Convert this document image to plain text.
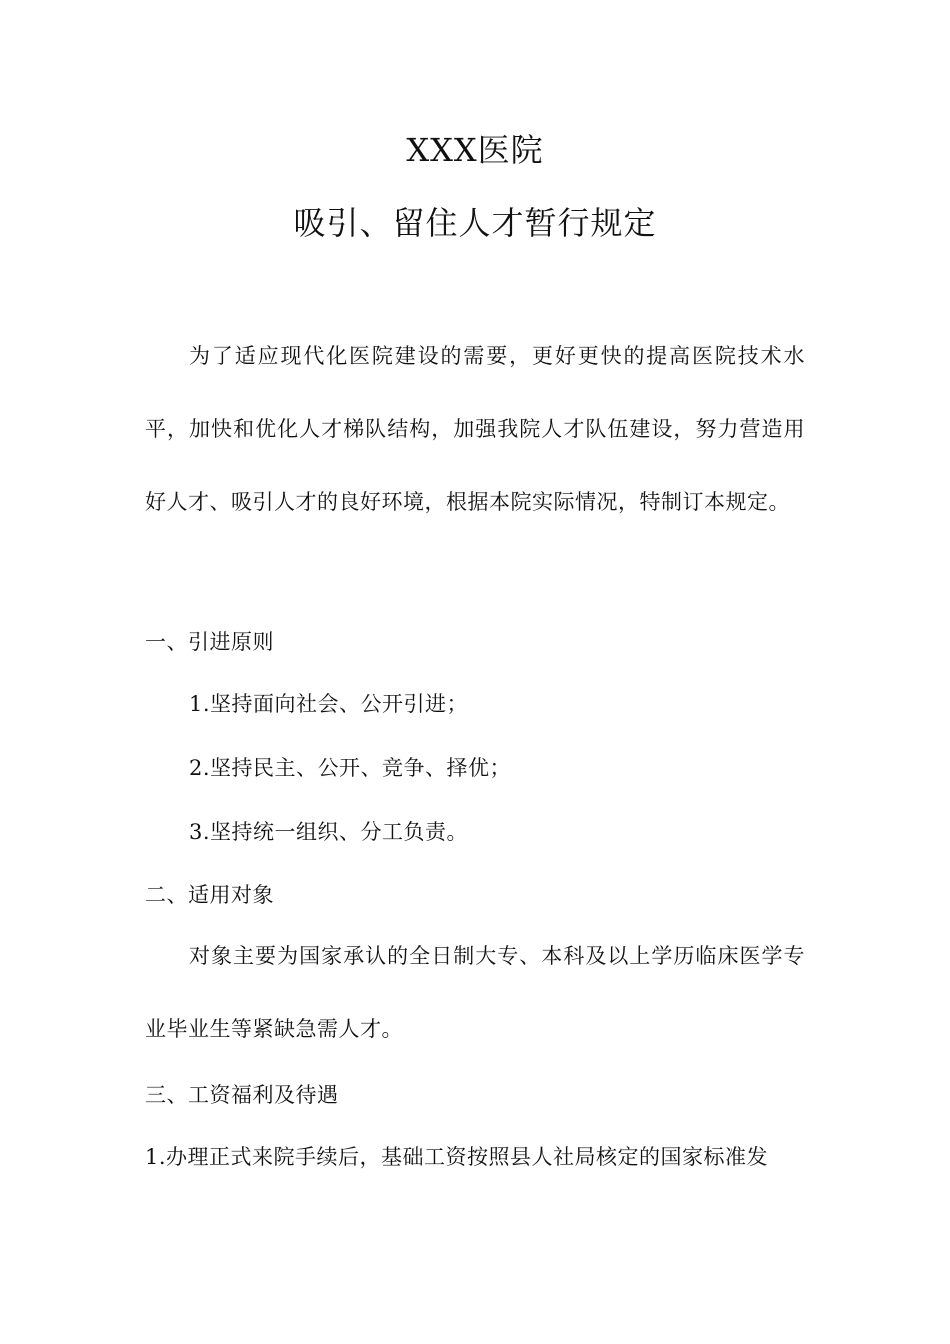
XXX医院
吸引、留住人才暂行规定

为了适应现代化医院建设的需要，更好更快的提高医院技术水平，加快和优化人才梯队结构，加强我院人才队伍建设，努力营造用好人才、吸引人才的良好环境，根据本院实际情况，特制订本规定。

一、引进原则

1.坚持面向社会、公开引进；

2.坚持民主、公开、竞争、择优；

3.坚持统一组织、分工负责。

二、适用对象

对象主要为国家承认的全日制大专、本科及以上学历临床医学专业毕业生等紧缺急需人才。

三、工资福利及待遇

1.办理正式来院手续后，基础工资按照县人社局核定的国家标准发
